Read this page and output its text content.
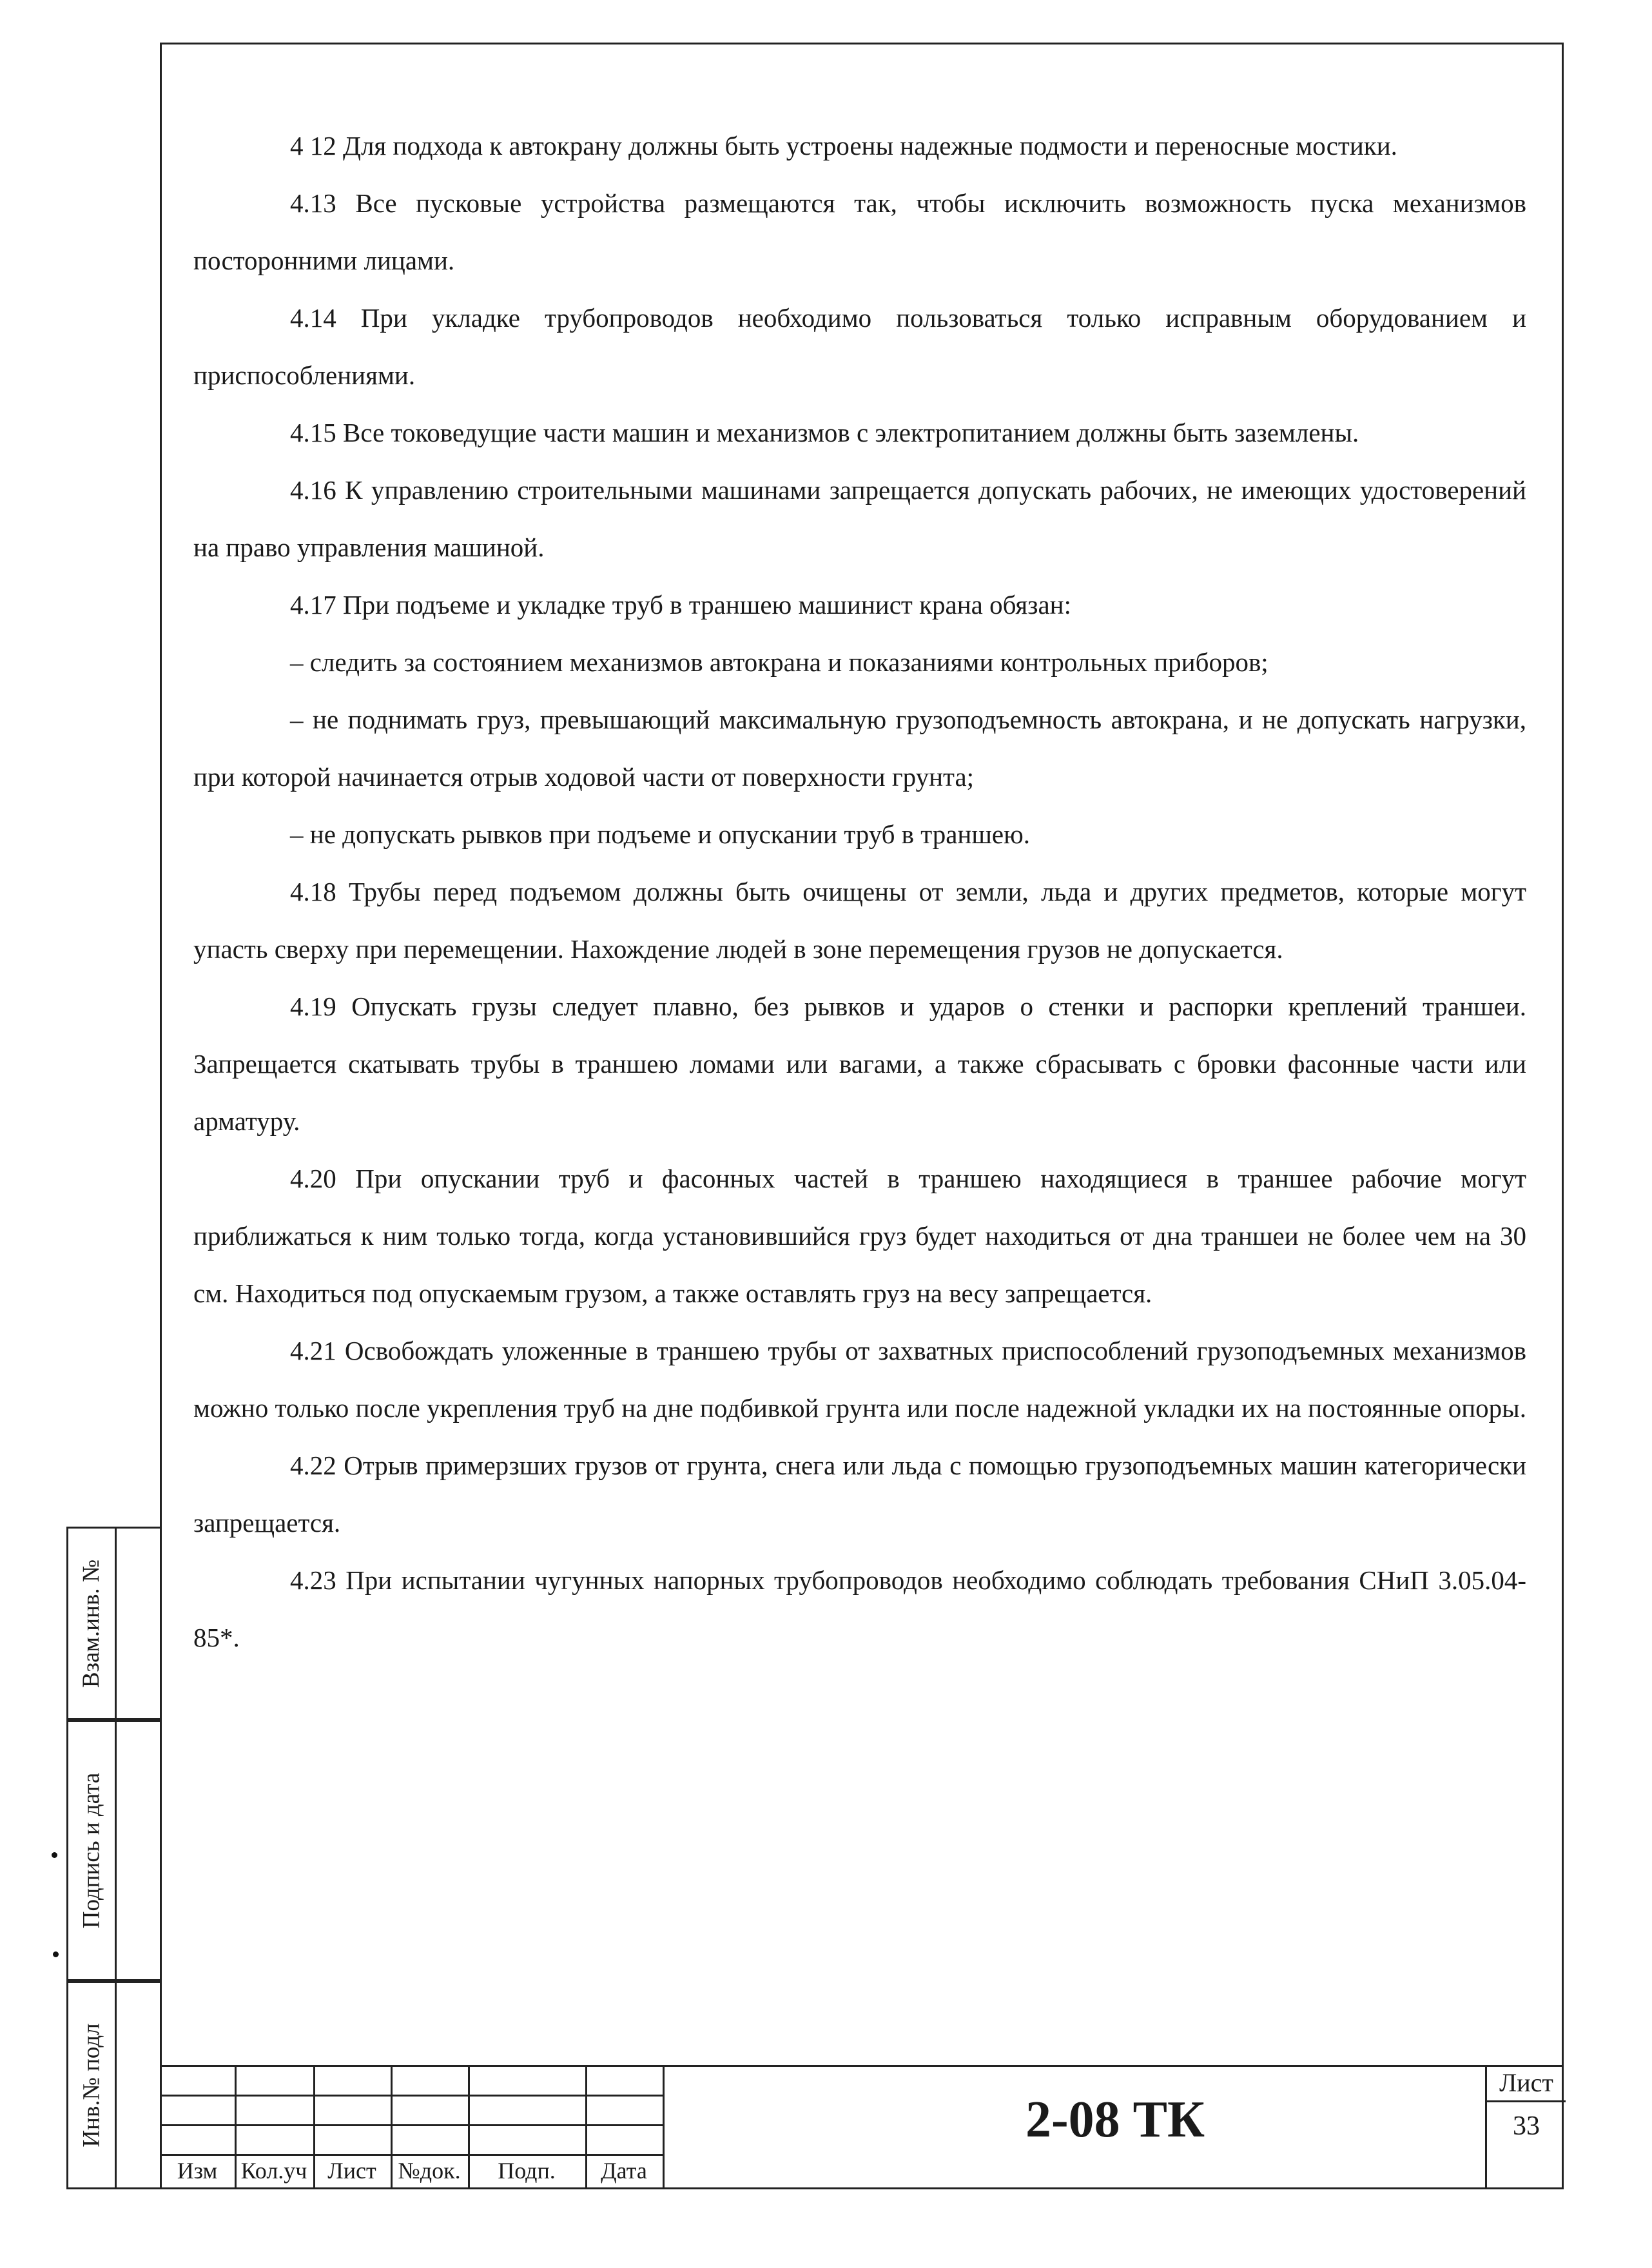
4 12 Для подхода к автокрану должны быть устроены надежные подмости и переносные мостики.

4.13 Все пусковые устройства размещаются так, чтобы исключить возможность пуска механизмов посторонними лицами.

4.14 При укладке трубопроводов необходимо пользоваться только исправным оборудованием и приспособлениями.

4.15 Все токоведущие части машин и механизмов с электропитанием должны быть заземлены.

4.16 К управлению строительными машинами запрещается допускать рабочих, не имеющих удостоверений на право управления машиной.

4.17 При подъеме и укладке труб в траншею машинист крана обязан:

– следить за состоянием механизмов автокрана и показаниями контрольных приборов;

– не поднимать груз, превышающий максимальную грузоподъемность автокрана, и не допускать нагрузки, при которой начинается отрыв ходовой части от поверхности грунта;

– не допускать рывков при подъеме и опускании труб в траншею.

4.18 Трубы перед подъемом должны быть очищены от земли, льда и других предметов, которые могут упасть сверху при перемещении. Нахождение людей в зоне перемещения грузов не допускается.

4.19 Опускать грузы следует плавно, без рывков и ударов о стенки и распорки креплений траншеи. Запрещается скатывать трубы в траншею ломами или вагами, а также сбрасывать с бровки фасонные части или арматуру.

4.20 При опускании труб и фасонных частей в траншею находящиеся в траншее рабочие могут приближаться к ним только тогда, когда установившийся груз будет находиться от дна траншеи не более чем на 30 см. Находиться под опускаемым грузом, а также оставлять груз на весу запрещается.

4.21 Освобождать уложенные в траншею трубы от захватных приспособлений грузоподъемных механизмов можно только после укрепления труб на дне подбивкой грунта или после надежной укладки их на постоянные опоры.

4.22 Отрыв примерзших грузов от грунта, снега или льда с помощью грузоподъемных машин категорически запрещается.

4.23 При испытании чугунных напорных трубопроводов необходимо соблюдать требования СНиП 3.05.04-85*.

Взам.инв. №
Подпись и дата
Инв.№ подл
Изм	Кол.уч Лист №док.	Подп.	Дата
2-08 ТК
Лист
33
